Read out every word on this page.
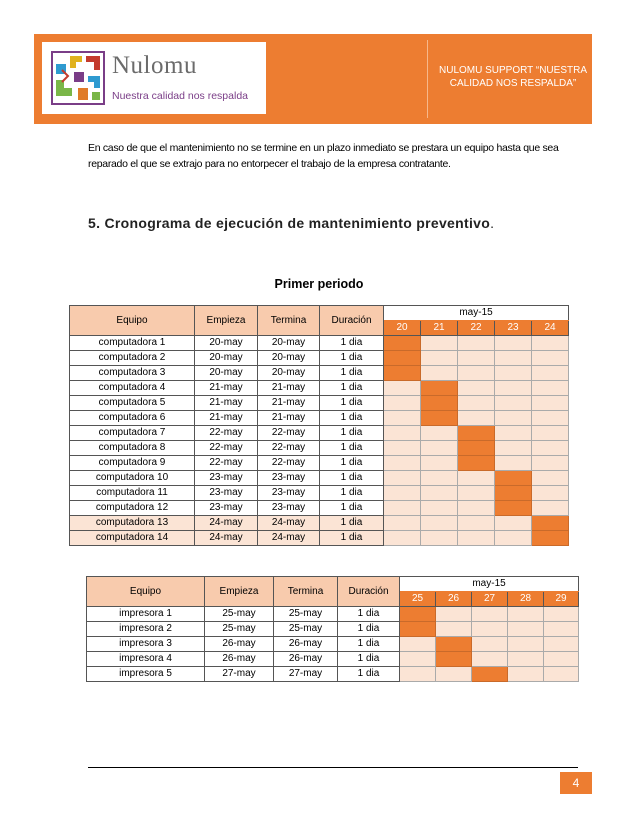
Nulomu
Nuestra calidad nos respalda
NULOMU SUPPORT “NUESTRA CALIDAD NOS RESPALDA”
En caso de que el mantenimiento no se termine en un plazo inmediato se prestara un equipo hasta que sea reparado el que se extrajo para no entorpecer el trabajo de la empresa contratante.
5. Cronograma de ejecución de mantenimiento preventivo.
Primer periodo
Equipo	Empieza	Termina	Duración	may-15				
				20	21	22	23	24
computadora 1	20-may	20-may	1 dia					
computadora 2	20-may	20-may	1 dia					
computadora 3	20-may	20-may	1 dia					
computadora 4	21-may	21-may	1 dia					
computadora 5	21-may	21-may	1 dia					
computadora 6	21-may	21-may	1 dia					
computadora 7	22-may	22-may	1 dia					
computadora 8	22-may	22-may	1 dia					
computadora 9	22-may	22-may	1 dia					
computadora 10	23-may	23-may	1 dia					
computadora 11	23-may	23-may	1 dia					
computadora 12	23-may	23-may	1 dia					
computadora 13	24-may	24-may	1 dia					
computadora 14	24-may	24-may	1 dia					
Equipo	Empieza	Termina	Duración	may-15				
				25	26	27	28	29
impresora 1	25-may	25-may	1 dia					
impresora 2	25-may	25-may	1 dia					
impresora 3	26-may	26-may	1 dia					
impresora 4	26-may	26-may	1 dia					
impresora 5	27-may	27-may	1 dia					
4
